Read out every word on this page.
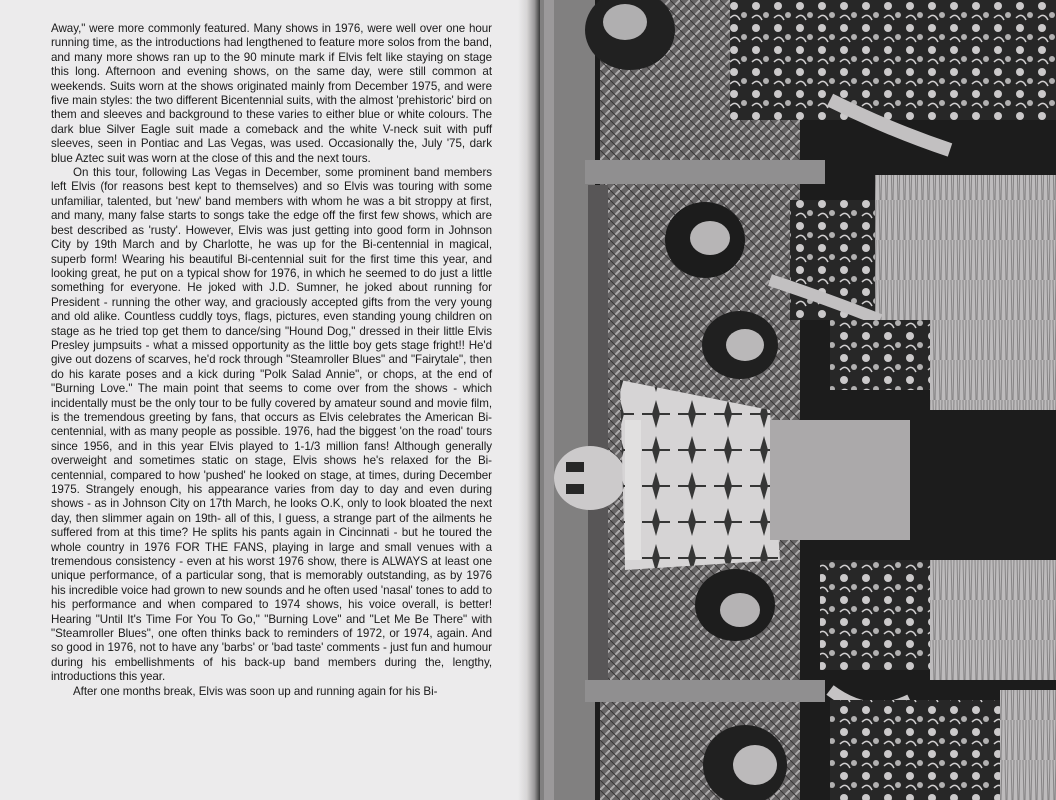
Away," were more commonly featured. Many shows in 1976, were well over one hour running time, as the introductions had lengthened to feature more solos from the band, and many more shows ran up to the 90 minute mark if Elvis felt like staying on stage this long. Afternoon and evening shows, on the same day, were still common at weekends. Suits worn at the shows originated mainly from December 1975, and were five main styles: the two different Bicentennial suits, with the almost 'prehistoric' bird on them and sleeves and background to these varies to either blue or white colours. The dark blue Silver Eagle suit made a comeback and the white V-neck suit with puff sleeves, seen in Pontiac and Las Vegas, was used. Occasionally the, July '75, dark blue Aztec suit was worn at the close of this and the next tours.

On this tour, following Las Vegas in December, some prominent band members left Elvis (for reasons best kept to themselves) and so Elvis was touring with some unfamiliar, talented, but 'new' band members with whom he was a bit stroppy at first, and many, many false starts to songs take the edge off the first few shows, which are best described as 'rusty'. However, Elvis was just getting into good form in Johnson City by 19th March and by Charlotte, he was up for the Bi-centennial in magical, superb form! Wearing his beautiful Bi-centennial suit for the first time this year, and looking great, he put on a typical show for 1976, in which he seemed to do just a little something for everyone. He joked with J.D. Sumner, he joked about running for President - running the other way, and graciously accepted gifts from the very young and old alike. Countless cuddly toys, flags, pictures, even standing young children on stage as he tried top get them to dance/sing "Hound Dog," dressed in their little Elvis Presley jumpsuits - what a missed opportunity as the little boy gets stage fright!! He'd give out dozens of scarves, he'd rock through "Steamroller Blues" and "Fairytale", then do his karate poses and a kick during "Polk Salad Annie", or chops, at the end of "Burning Love." The main point that seems to come over from the shows - which incidentally must be the only tour to be fully covered by amateur sound and movie film, is the tremendous greeting by fans, that occurs as Elvis celebrates the American Bi-centennial, with as many people as possible. 1976, had the biggest 'on the road' tours since 1956, and in this year Elvis played to 1-1/3 million fans! Although generally overweight and sometimes static on stage, Elvis shows he's relaxed for the Bi-centennial, compared to how 'pushed' he looked on stage, at times, during December 1975. Strangely enough, his appearance varies from day to day and even during shows - as in Johnson City on 17th March, he looks O.K, only to look bloated the next day, then slimmer again on 19th- all of this, I guess, a strange part of the ailments he suffered from at this time? He splits his pants again in Cincinnati - but he toured the whole country in 1976 FOR THE FANS, playing in large and small venues with a tremendous consistency - even at his worst 1976 show, there is ALWAYS at least one unique performance, of a particular song, that is memorably outstanding, as by 1976 his incredible voice had grown to new sounds and he often used 'nasal' tones to add to his performance and when compared to 1974 shows, his voice overall, is better! Hearing "Until It's Time For You To Go," "Burning Love" and "Let Me Be There" with "Steamroller Blues", one often thinks back to reminders of 1972, or 1974, again. And so good in 1976, not to have any 'barbs' or 'bad taste' comments - just fun and humour during his embellishments of his back-up band members during the, lengthy, introductions this year.

After one months break, Elvis was soon up and running again for his Bi-
